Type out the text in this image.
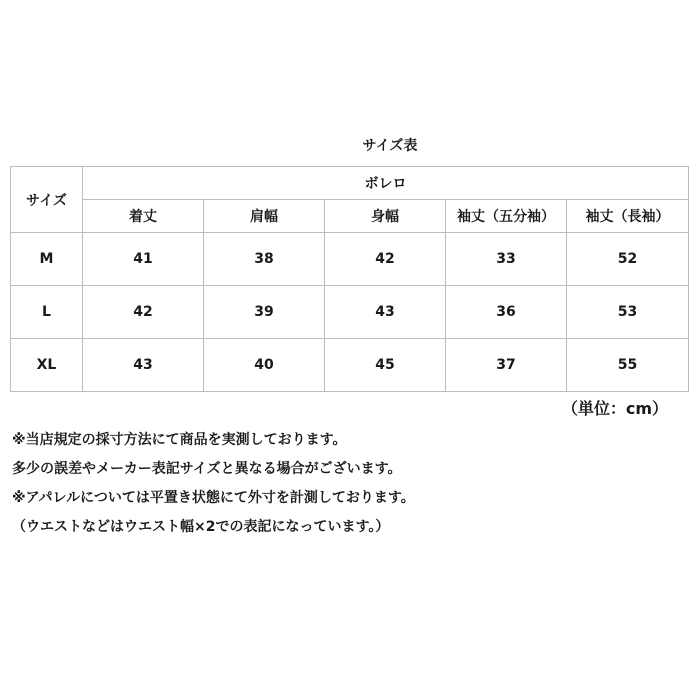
サイズ表
サイズ	ボレロ				
	着丈	肩幅	身幅	袖丈（五分袖）	袖丈（長袖）
M	41	38	42	33	52
L	42	39	43	36	53
XL	43	40	45	37	55
（単位：cm）
※当店規定の採寸方法にて商品を実測しております。
多少の誤差やメーカー表記サイズと異なる場合がございます。
※アパレルについては平置き状態にて外寸を計測しております。
（ウエストなどはウエスト幅×2での表記になっています。）
